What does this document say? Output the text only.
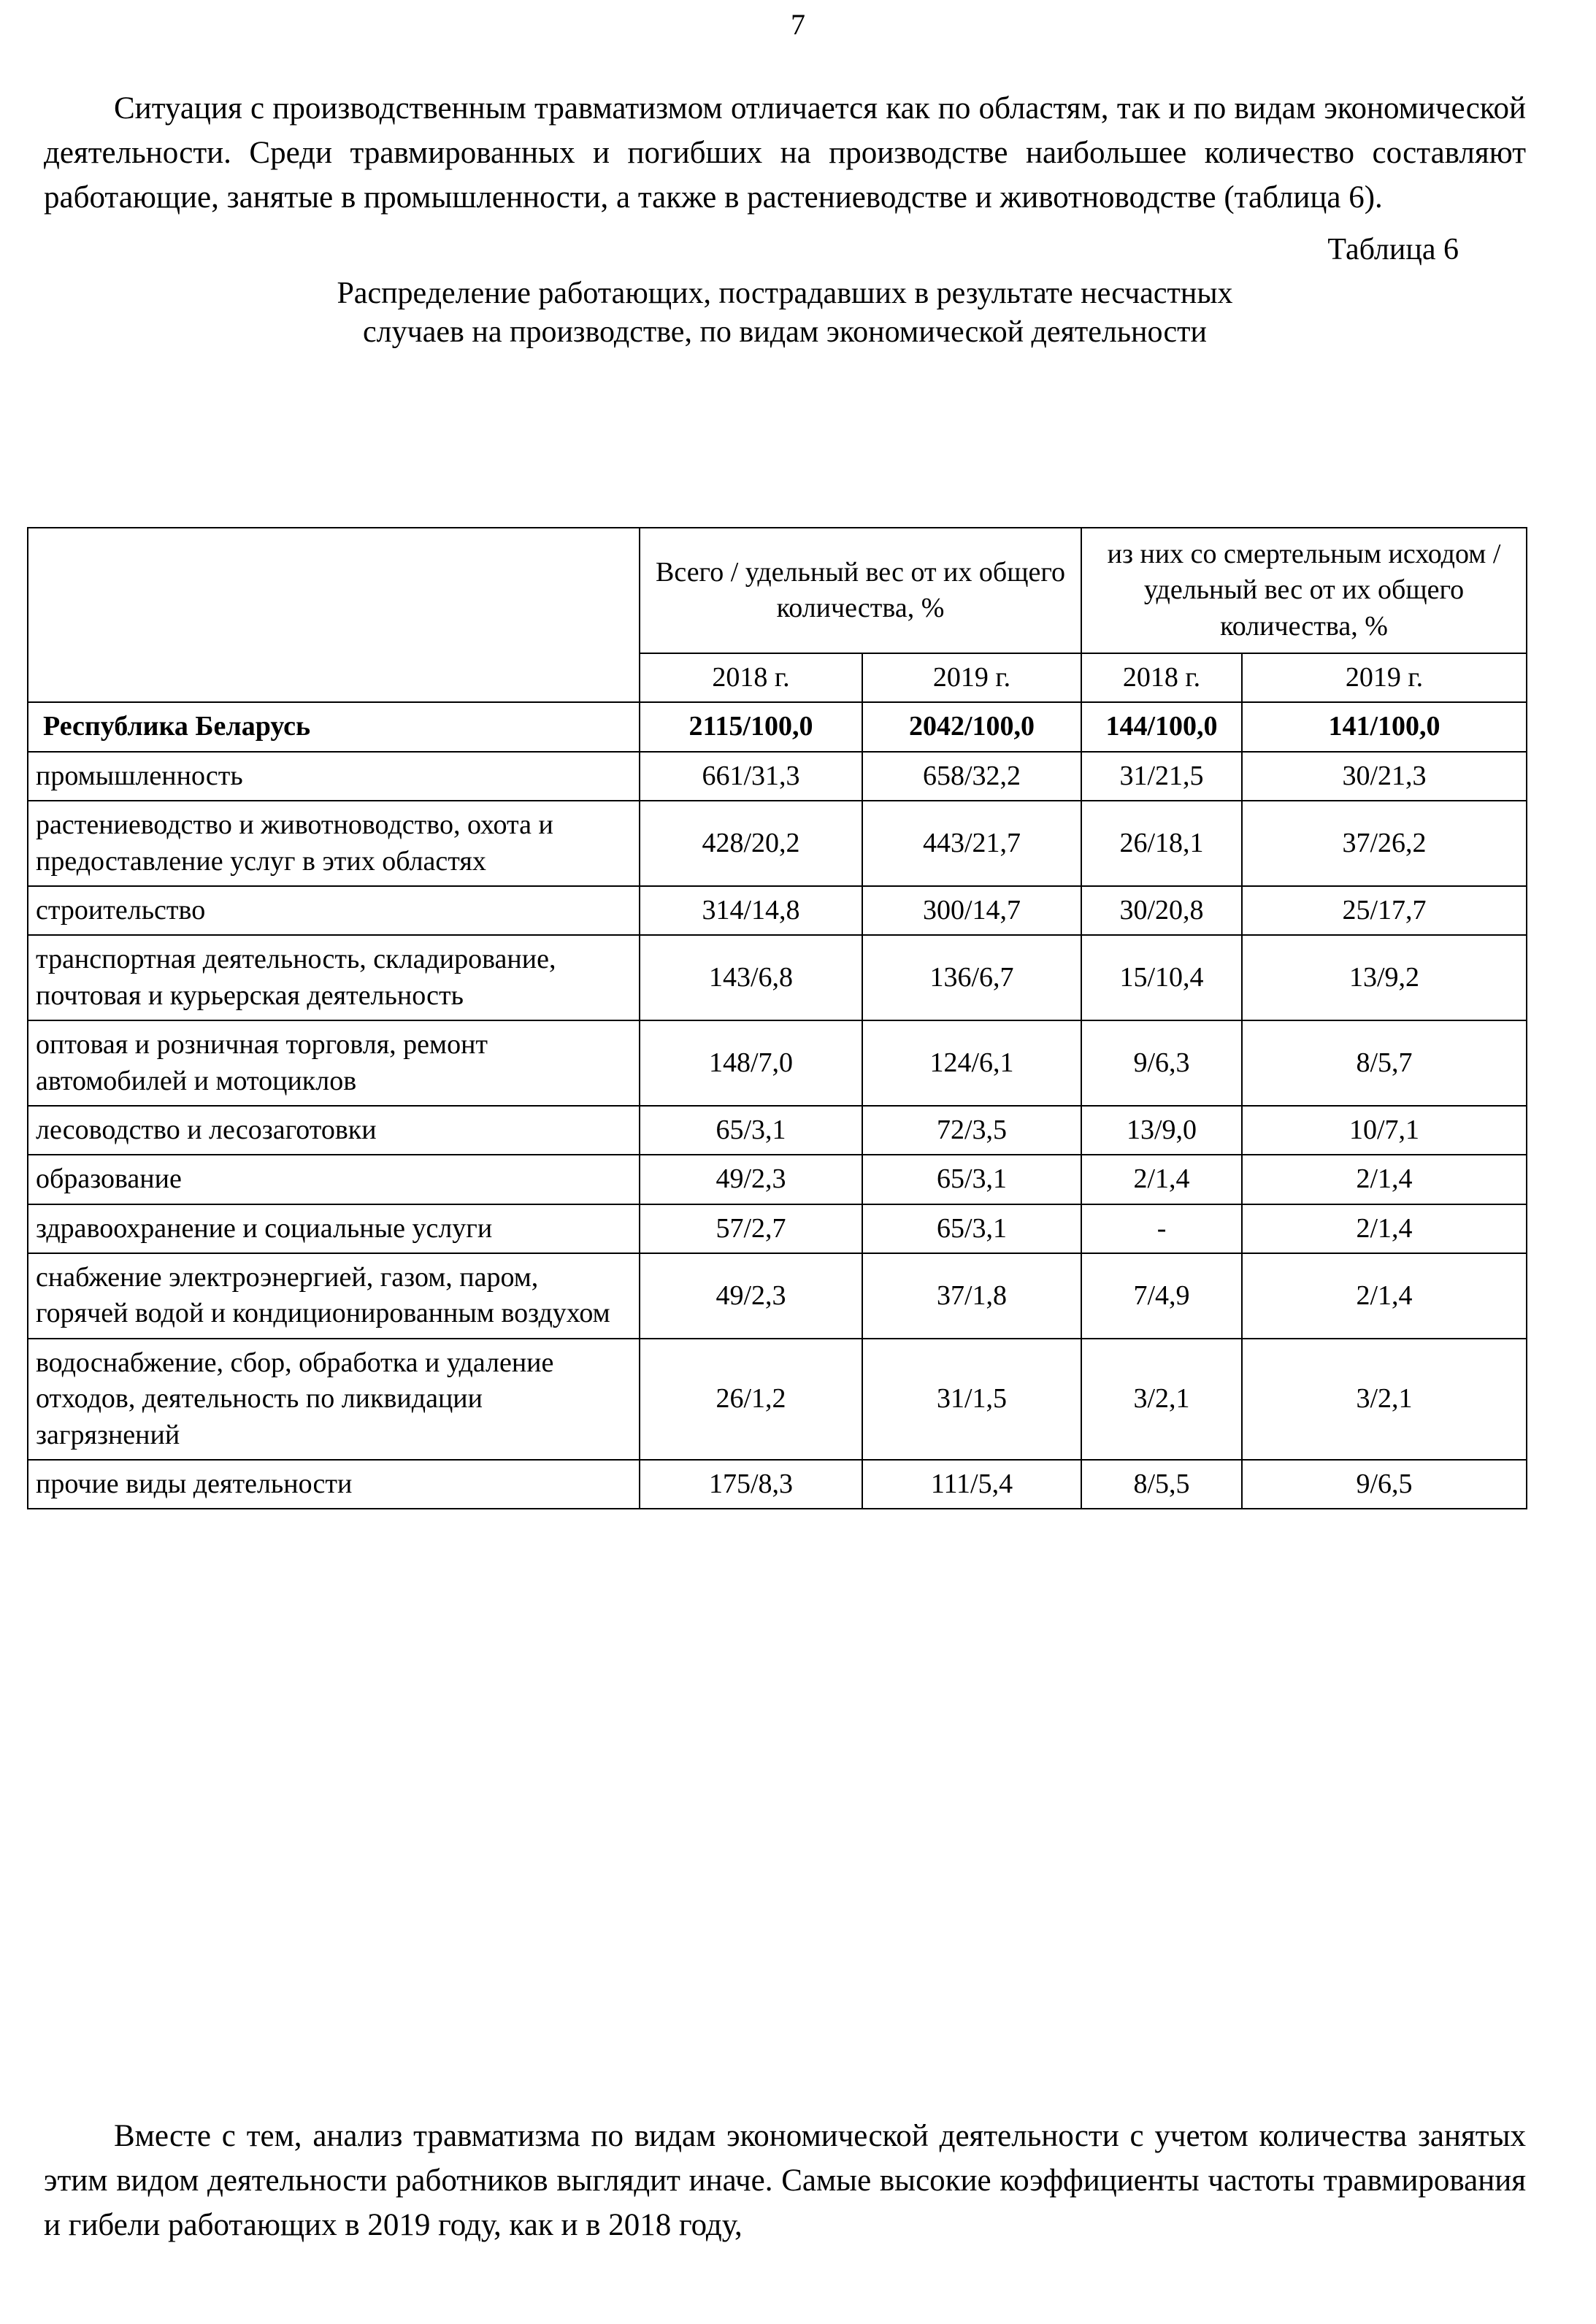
7

Ситуация с производственным травматизмом отличается как по областям, так и по видам экономической деятельности. Среди травмированных и погибших на производстве наибольшее количество составляют работающие, занятые в промышленности, а также в растениеводстве и животноводстве (таблица 6).

Таблица 6
Распределение работающих, пострадавших в результате несчастных
случаев на производстве, по видам экономической деятельности
	Всего / удельный вес от их общего количества, %		из них со смертельным исходом / удельный вес от их общего количества, %	
	2018 г.	2019 г.	2018 г.	2019 г.
Республика Беларусь	2115/100,0	2042/100,0	144/100,0	141/100,0
промышленность	661/31,3	658/32,2	31/21,5	30/21,3
растениеводство и животноводство, охота и предоставление услуг в этих областях	428/20,2	443/21,7	26/18,1	37/26,2
строительство	314/14,8	300/14,7	30/20,8	25/17,7
транспортная деятельность, складирование, почтовая и курьерская деятельность	143/6,8	136/6,7	15/10,4	13/9,2
оптовая и розничная торговля, ремонт автомобилей и мотоциклов	148/7,0	124/6,1	9/6,3	8/5,7
лесоводство и лесозаготовки	65/3,1	72/3,5	13/9,0	10/7,1
образование	49/2,3	65/3,1	2/1,4	2/1,4
здравоохранение и социальные услуги	57/2,7	65/3,1	-	2/1,4
снабжение электроэнергией, газом, паром, горячей водой и кондиционированным воздухом	49/2,3	37/1,8	7/4,9	2/1,4
водоснабжение, сбор, обработка и удаление отходов, деятельность по ликвидации загрязнений	26/1,2	31/1,5	3/2,1	3/2,1
прочие виды деятельности	175/8,3	111/5,4	8/5,5	9/6,5

Вместе с тем, анализ травматизма по видам экономической деятельности с учетом количества занятых этим видом деятельности работников выглядит иначе. Самые высокие коэффициенты частоты травмирования и гибели работающих в 2019 году, как и в 2018 году,
